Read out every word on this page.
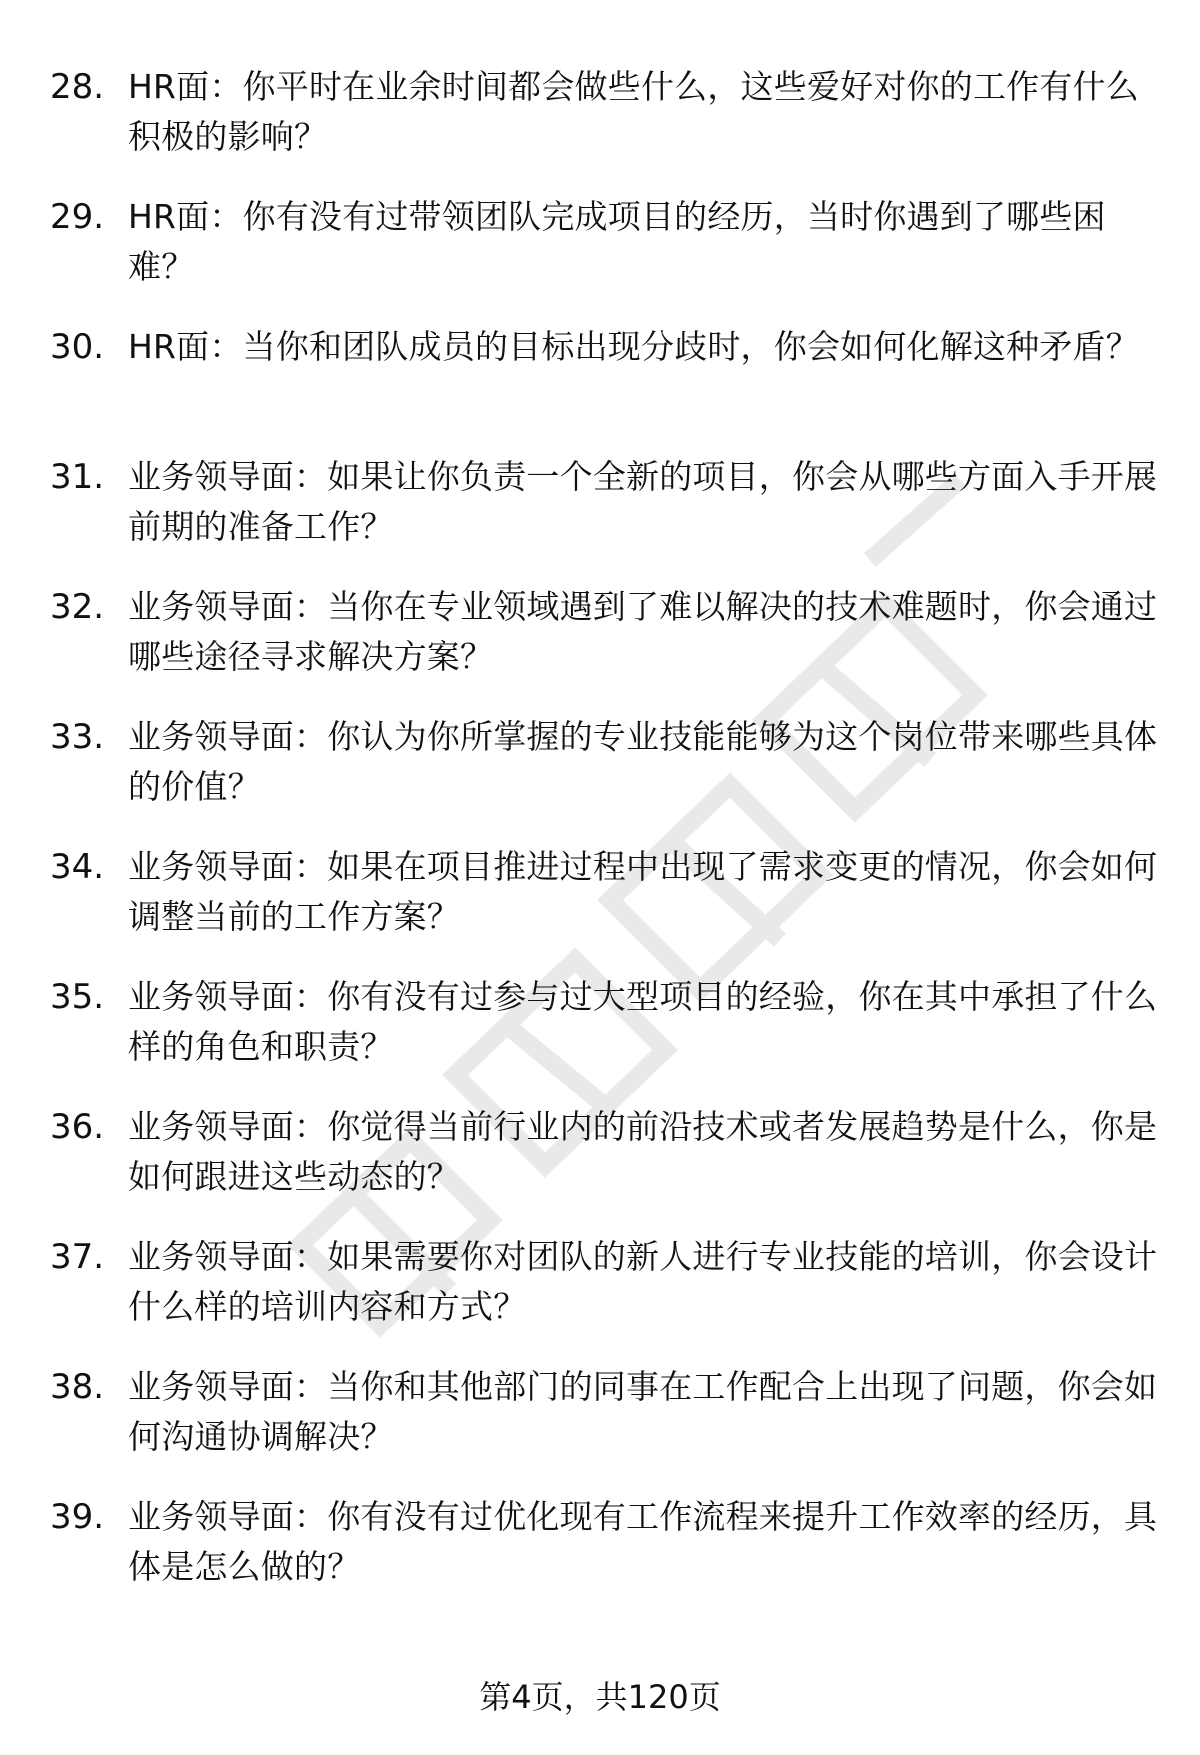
28. HR面：你平时在业余时间都会做些什么，这些爱好对你的工作有什么积极的影响？
29. HR面：你有没有过带领团队完成项目的经历，当时你遇到了哪些困难？
30. HR面：当你和团队成员的目标出现分歧时，你会如何化解这种矛盾？
31. 业务领导面：如果让你负责一个全新的项目，你会从哪些方面入手开展前期的准备工作？
32. 业务领导面：当你在专业领域遇到了难以解决的技术难题时，你会通过哪些途径寻求解决方案？
33. 业务领导面：你认为你所掌握的专业技能能够为这个岗位带来哪些具体的价值？
34. 业务领导面：如果在项目推进过程中出现了需求变更的情况，你会如何调整当前的工作方案？
35. 业务领导面：你有没有过参与过大型项目的经验，你在其中承担了什么样的角色和职责？
36. 业务领导面：你觉得当前行业内的前沿技术或者发展趋势是什么，你是如何跟进这些动态的？
37. 业务领导面：如果需要你对团队的新人进行专业技能的培训，你会设计什么样的培训内容和方式？
38. 业务领导面：当你和其他部门的同事在工作配合上出现了问题，你会如何沟通协调解决？
39. 业务领导面：你有没有过优化现有工作流程来提升工作效率的经历，具体是怎么做的？
第4页，共120页
